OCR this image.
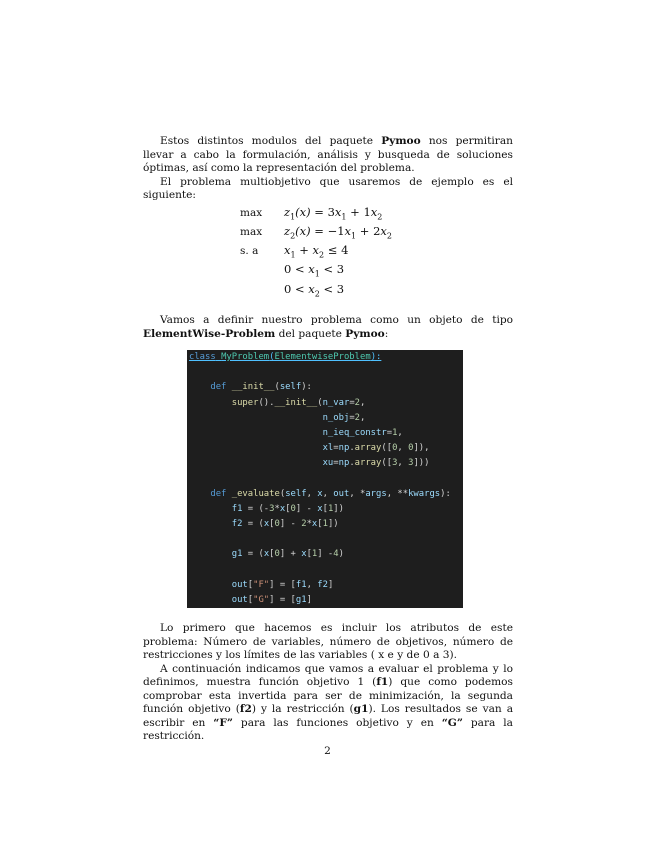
Estos distintos modulos del paquete Pymoo nos permitiran llevar a cabo la formulación, análisis y busqueda de soluciones óptimas, así como la representación del problema.

El problema multiobjetivo que usaremos de ejemplo es el siguiente:

max	$z_1(x) = 3x_1 + 1x_2$
max	$z_2(x) = -1x_1 + 2x_2$
s. a	$x_1 + x_2 \le 4$
$0 < x_1 < 3$
$0 < x_2 < 3$

Vamos a definir nuestro problema como un objeto de tipo ElementWise-Problem del paquete Pymoo:

class MyProblem(ElementwiseProblem):

def __init__(self):
super().__init__(n_var=2,
n_obj=2,
n_ieq_constr=1,
xl=np.array([0, 0]),
xu=np.array([3, 3]))

def _evaluate(self, x, out, *args, **kwargs):
f1 = (-3*x[0] - x[1])
f2 = (x[0] - 2*x[1])

g1 = (x[0] + x[1] -4)

out["F"] = [f1, f2]
out["G"] = [g1]

Lo primero que hacemos es incluir los atributos de este problema: Número de variables, número de objetivos, número de restricciones y los límites de las variables ( x e y de 0 a 3).

A continuación indicamos que vamos a evaluar el problema y lo definimos, muestra función objetivo 1 (f1) que como podemos comprobar esta invertida para ser de minimización, la segunda función objetivo (f2) y la restricción (g1). Los resultados se van a escribir en “F” para las funciones objetivo y en “G” para la restricción.

2
